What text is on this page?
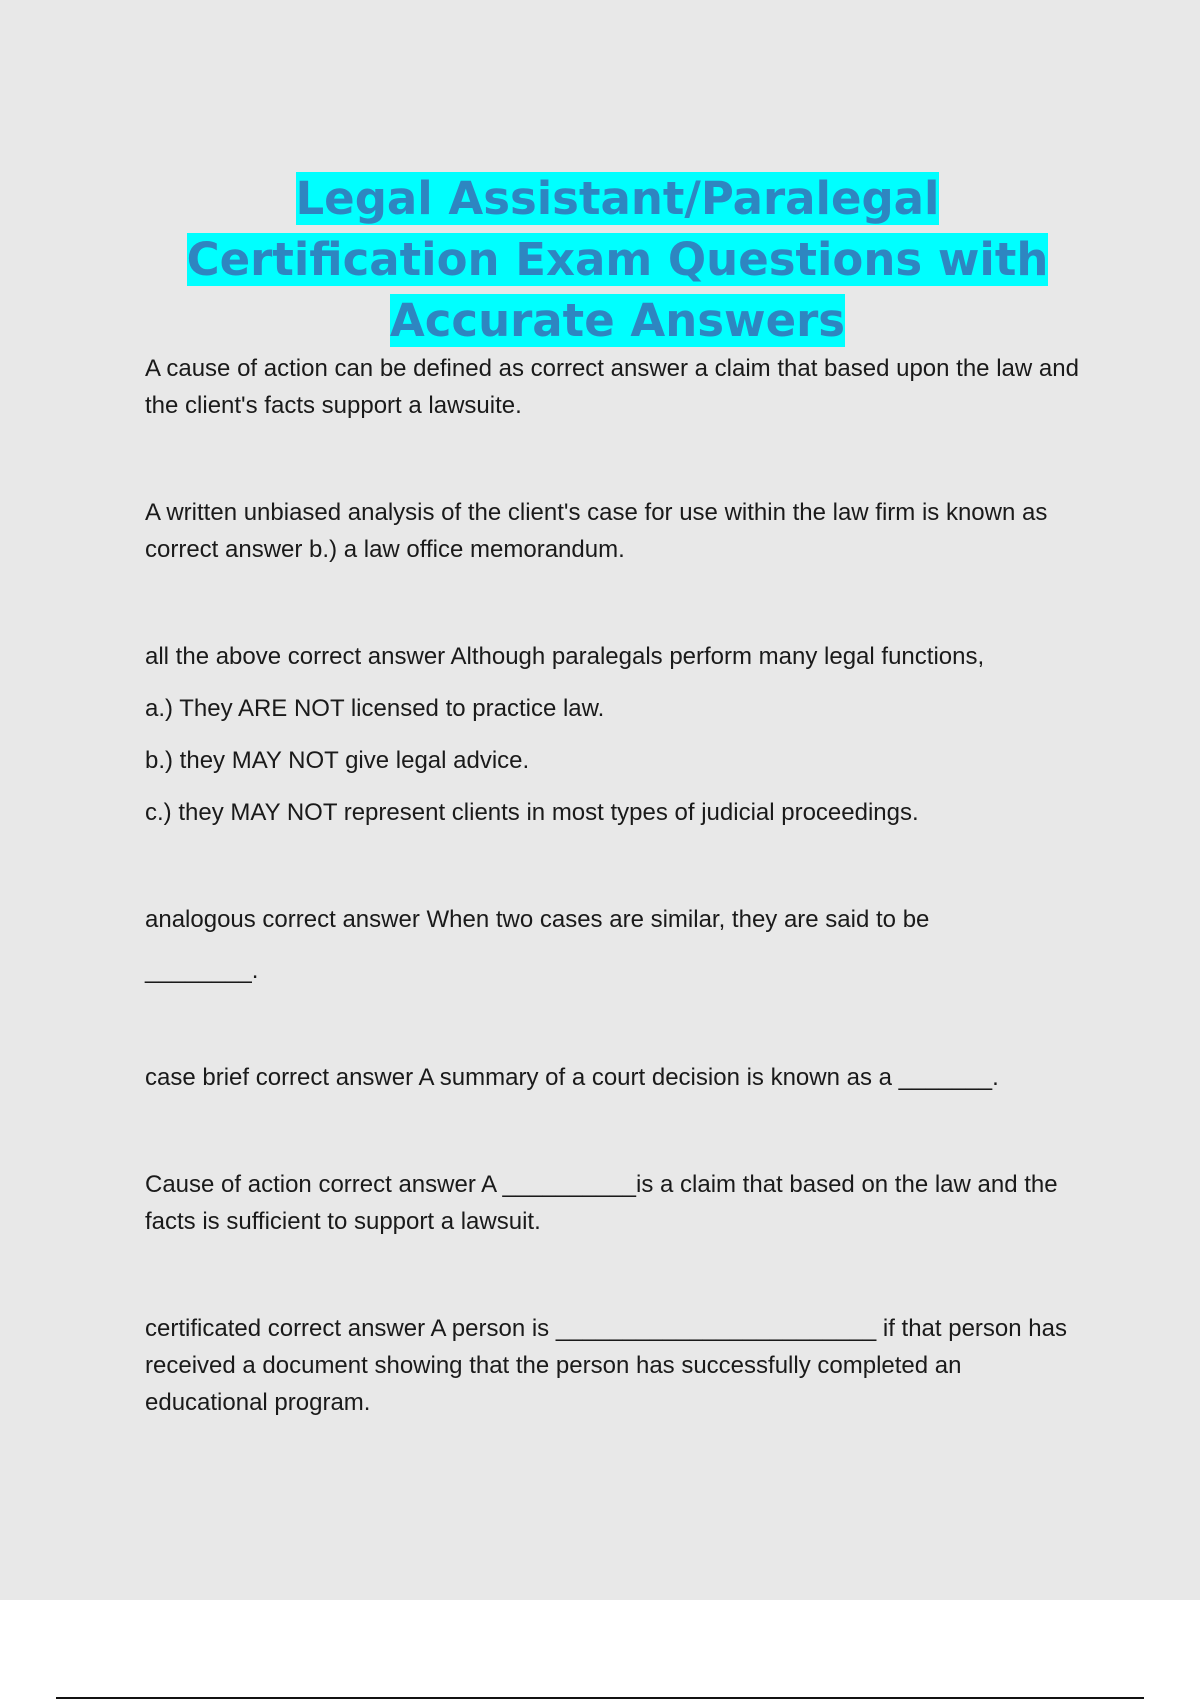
Legal Assistant/Paralegal
Certification Exam Questions with
Accurate Answers

A cause of action can be defined as correct answer a claim that based upon the law and the client's facts support a lawsuite.

A written unbiased analysis of the client's case for use within the law firm is known as correct answer b.) a law office memorandum.

all the above correct answer Although paralegals perform many legal functions,

a.) They ARE NOT licensed to practice law.

b.) they MAY NOT give legal advice.

c.) they MAY NOT represent clients in most types of judicial proceedings.

analogous correct answer When two cases are similar, they are said to be
________.

case brief correct answer A summary of a court decision is known as a _______.

Cause of action correct answer A __________is a claim that based on the law and the facts is sufficient to support a lawsuit.

certificated correct answer A person is ________________________ if that person has received a document showing that the person has successfully completed an educational program.
